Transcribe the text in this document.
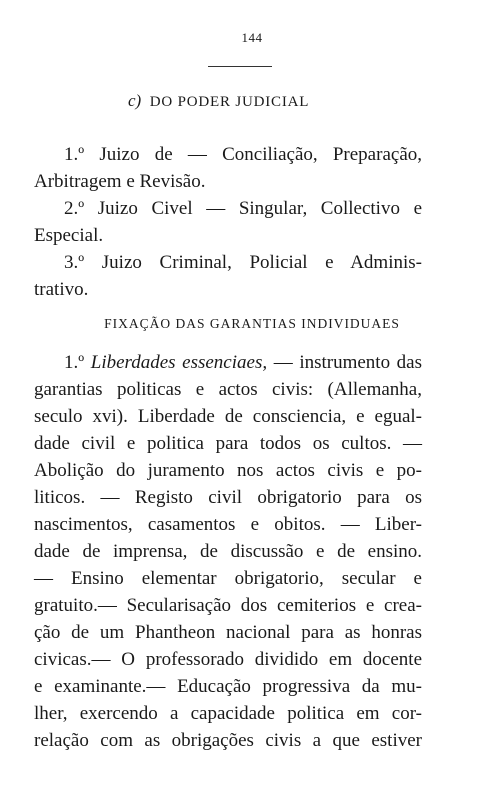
144
c) DO PODER JUDICIAL
1.º Juizo de — Conciliação, Preparação,
Arbitragem e Revisão.
2.º Juizo Civel — Singular, Collectivo e
Especial.
3.º Juizo Criminal, Policial e Adminis-
trativo.
FIXAÇÃO DAS GARANTIAS INDIVIDUAES
1.º Liberdades essenciaes, — instrumento das
garantias politicas e actos civis: (Allemanha,
seculo xvi). Liberdade de consciencia, e egual-
dade civil e politica para todos os cultos. —
Abolição do juramento nos actos civis e po-
liticos. — Registo civil obrigatorio para os
nascimentos, casamentos e obitos. — Liber-
dade de imprensa, de discussão e de ensino.
— Ensino elementar obrigatorio, secular e
gratuito.— Secularisação dos cemiterios e crea-
ção de um Phantheon nacional para as honras
civicas.— O professorado dividido em docente
e examinante.— Educação progressiva da mu-
lher, exercendo a capacidade politica em cor-
relação com as obrigações civis a que estiver
